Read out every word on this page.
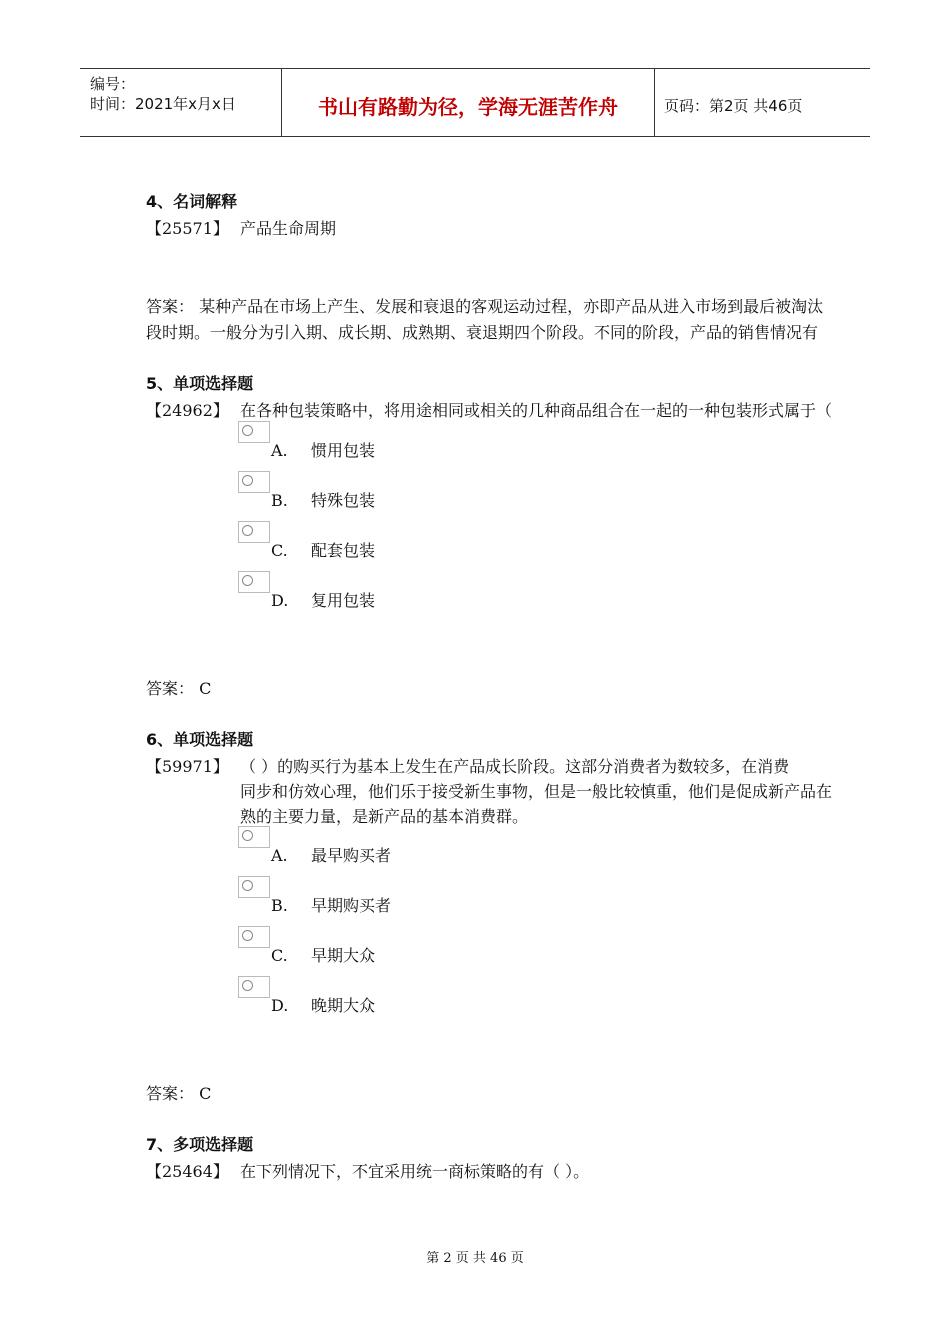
编号：
时间：2021年x月x日	书山有路勤为径，学海无涯苦作舟	页码：第2页 共46页
4、名词解释
【25571】 产品生命周期
答案： 某种产品在市场上产生、发展和衰退的客观运动过程，亦即产品从进入市场到最后被淘汰
段时期。一般分为引入期、成长期、成熟期、衰退期四个阶段。不同的阶段，产品的销售情况有
5、单项选择题
【24962】 在各种包装策略中，将用途相同或相关的几种商品组合在一起的一种包装形式属于（
A. 惯用包装
B. 特殊包装
C. 配套包装
D. 复用包装
答案： C
6、单项选择题
【59971】 （ ）的购买行为基本上发生在产品成长阶段。这部分消费者为数较多，在消费
同步和仿效心理，他们乐于接受新生事物，但是一般比较慎重，他们是促成新产品在
熟的主要力量，是新产品的基本消费群。
A. 最早购买者
B. 早期购买者
C. 早期大众
D. 晚期大众
答案： C
7、多项选择题
【25464】 在下列情况下，不宜采用统一商标策略的有（ ）。
第 2 页 共 46 页
